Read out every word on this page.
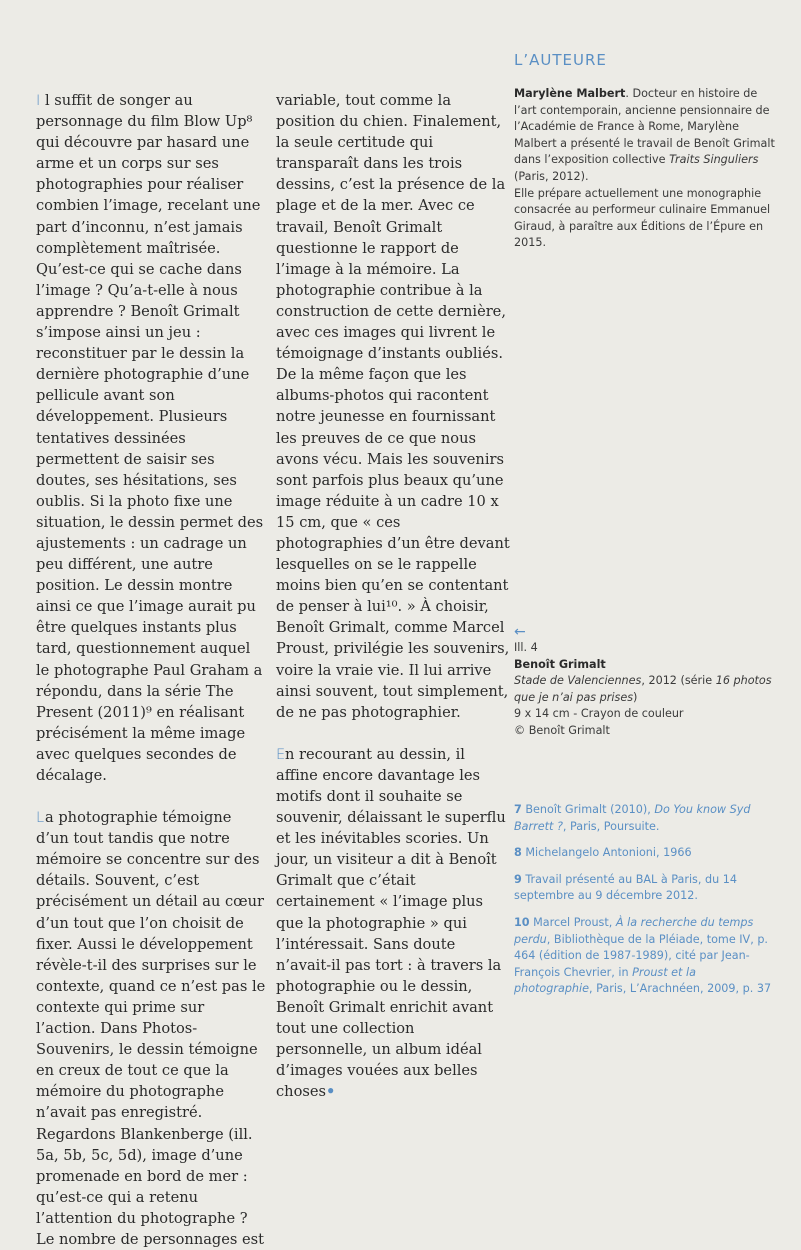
I l suffit de songer au personnage du film Blow Up⁸ qui découvre par hasard une arme et un corps sur ses photographies pour réaliser combien l’image, recelant une part d’inconnu, n’est jamais complètement maîtrisée. Qu’est-ce qui se cache dans l’image ? Qu’a-t-elle à nous apprendre ? Benoît Grimalt s’impose ainsi un jeu : reconstituer par le dessin la dernière photographie d’une pellicule avant son développement. Plusieurs tentatives dessinées permettent de saisir ses doutes, ses hésitations, ses oublis. Si la photo fixe une situation, le dessin permet des ajustements : un cadrage un peu différent, une autre position. Le dessin montre ainsi ce que l’image aurait pu être quelques instants plus tard, questionnement auquel le photographe Paul Graham a répondu, dans la série The Present (2011)⁹ en réalisant précisément la même image avec quelques secondes de décalage.

La photographie témoigne d’un tout tandis que notre mémoire se concentre sur des détails. Souvent, c’est précisément un détail au cœur d’un tout que l’on choisit de fixer. Aussi le développement révèle-t-il des surprises sur le contexte, quand ce n’est pas le contexte qui prime sur l’action. Dans Photos-Souvenirs, le dessin témoigne en creux de tout ce que la mémoire du photographe n’avait pas enregistré. Regardons Blankenberge (ill. 5a, 5b, 5c, 5d), image d’une promenade en bord de mer : qu’est-ce qui a retenu l’attention du photographe ? Le nombre de personnages est

variable, tout comme la position du chien. Finalement, la seule certitude qui transparaît dans les trois dessins, c’est la présence de la plage et de la mer. Avec ce travail, Benoît Grimalt questionne le rapport de l’image à la mémoire. La photographie contribue à la construction de cette dernière, avec ces images qui livrent le témoignage d’instants oubliés. De la même façon que les albums-photos qui racontent notre jeunesse en fournissant les preuves de ce que nous avons vécu. Mais les souvenirs sont parfois plus beaux qu’une image réduite à un cadre 10 x 15 cm, que « ces photographies d’un être devant lesquelles on se le rappelle moins bien qu’en se contentant de penser à lui¹⁰. » À choisir, Benoît Grimalt, comme Marcel Proust, privilégie les souvenirs, voire la vraie vie. Il lui arrive ainsi souvent, tout simplement, de ne pas photographier.

En recourant au dessin, il affine encore davantage les motifs dont il souhaite se souvenir, délaissant le superflu et les inévitables scories. Un jour, un visiteur a dit à Benoît Grimalt que c’était certainement « l’image plus que la photographie » qui l’intéressait. Sans doute n’avait-il pas tort : à travers la photographie ou le dessin, Benoît Grimalt enrichit avant tout une collection personnelle, un album idéal d’images vouées aux belles choses•

L’AUTEURE

Marylène Malbert. Docteur en histoire de l’art contemporain, ancienne pensionnaire de l’Académie de France à Rome, Marylène Malbert a présenté le travail de Benoît Grimalt dans l’exposition collective Traits Singuliers (Paris, 2012).

Elle prépare actuellement une monographie consacrée au performeur culinaire Emmanuel Giraud, à paraître aux Éditions de l’Épure en 2015.

←

Ill. 4

Benoît Grimalt

Stade de Valenciennes, 2012 (série 16 photos que je n’ai pas prises)

9 x 14 cm - Crayon de couleur

© Benoît Grimalt

7 Benoît Grimalt (2010), Do You know Syd Barrett ?, Paris, Poursuite.

8 Michelangelo Antonioni, 1966

9 Travail présenté au BAL à Paris, du 14 septembre au 9 décembre 2012.

10 Marcel Proust, À la recherche du temps perdu, Bibliothèque de la Pléiade, tome IV, p. 464 (édition de 1987-1989), cité par Jean-François Chevrier, in Proust et la photographie, Paris, L’Arachnéen, 2009, p. 37
